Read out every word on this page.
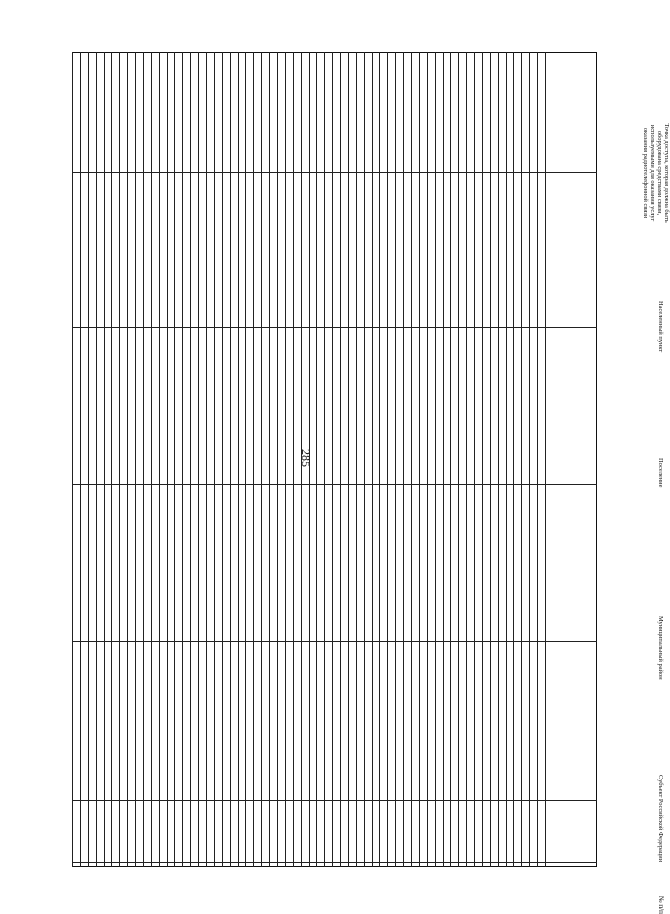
285
№ п/п
Субъект Российской Федерации
Муниципальный район
Поселение
Населенный пункт
Точка доступа, которая должна быть оборудована средствами связи, используемыми для оказания услуг оказания радиотелефонной связи
